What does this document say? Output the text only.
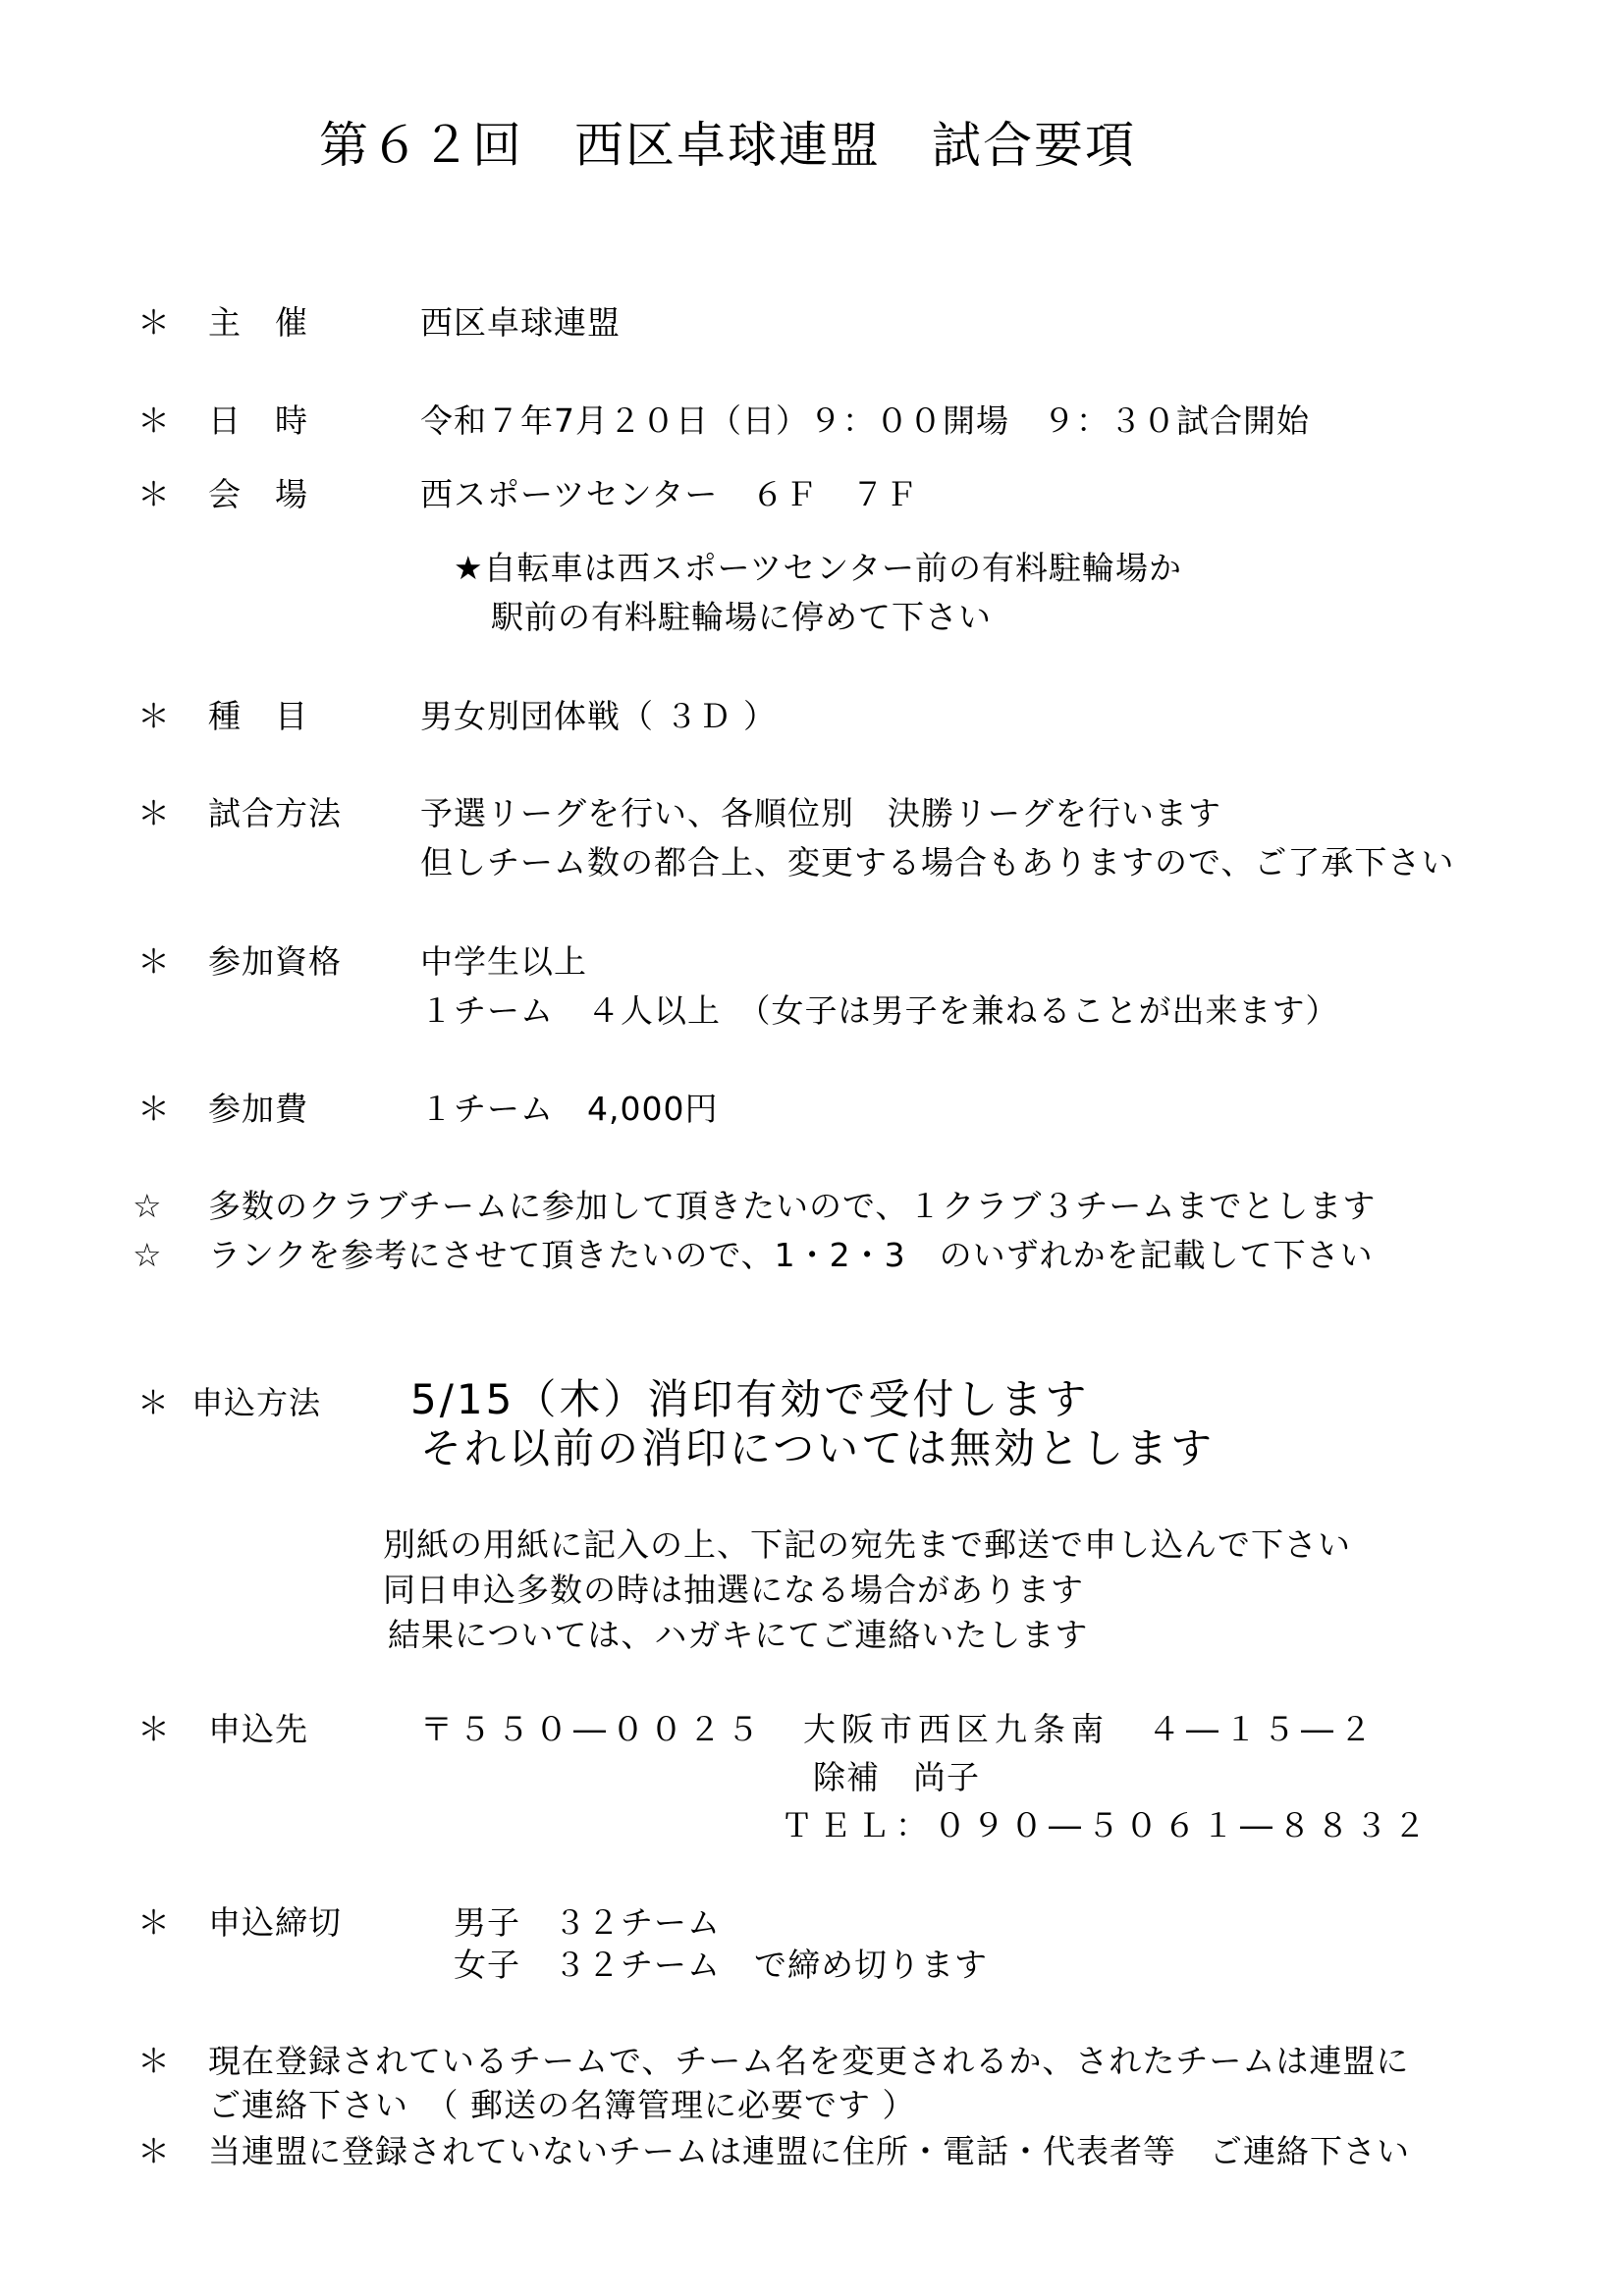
第６２回　西区卓球連盟　試合要項
＊ 主　催	西区卓球連盟
＊ 日　時	令和７年7月２０日（日）９：００開場　９：３０試合開始
＊ 会　場	西スポーツセンター　６Ｆ　７Ｆ
★自転車は西スポーツセンター前の有料駐輪場か
駅前の有料駐輪場に停めて下さい
＊ 種　目	男女別団体戦（ ３Ｄ ）
＊ 試合方法 予選リーグを行い、各順位別　決勝リーグを行います
但しチーム数の都合上、変更する場合もありますので、ご了承下さい
＊ 参加資格 中学生以上
１チーム　４人以上　（女子は男子を兼ねることが出来ます）
＊ 参加費	１チーム　4,000円
☆ 多数のクラブチームに参加して頂きたいので、１クラブ３チームまでとします
☆ ランクを参考にさせて頂きたいので、1・2・3　のいずれかを記載して下さい
＊ 申込方法 5/15（木）消印有効で受付します
それ以前の消印については無効とします
別紙の用紙に記入の上、下記の宛先まで郵送で申し込んで下さい
同日申込多数の時は抽選になる場合があります
結果については、ハガキにてご連絡いたします
＊ 申込先	〒５５０―００２５　大阪市西区九条南　４―１５―２
除補　尚子
ＴＥＬ：０９０―５０６１―８８３２
＊ 申込締切	男子　３２チーム
女子　３２チーム　で締め切ります
＊ 現在登録されているチームで、チーム名を変更されるか、されたチームは連盟に
ご連絡下さい　（ 郵送の名簿管理に必要です ）
＊ 当連盟に登録されていないチームは連盟に住所・電話・代表者等　ご連絡下さい
